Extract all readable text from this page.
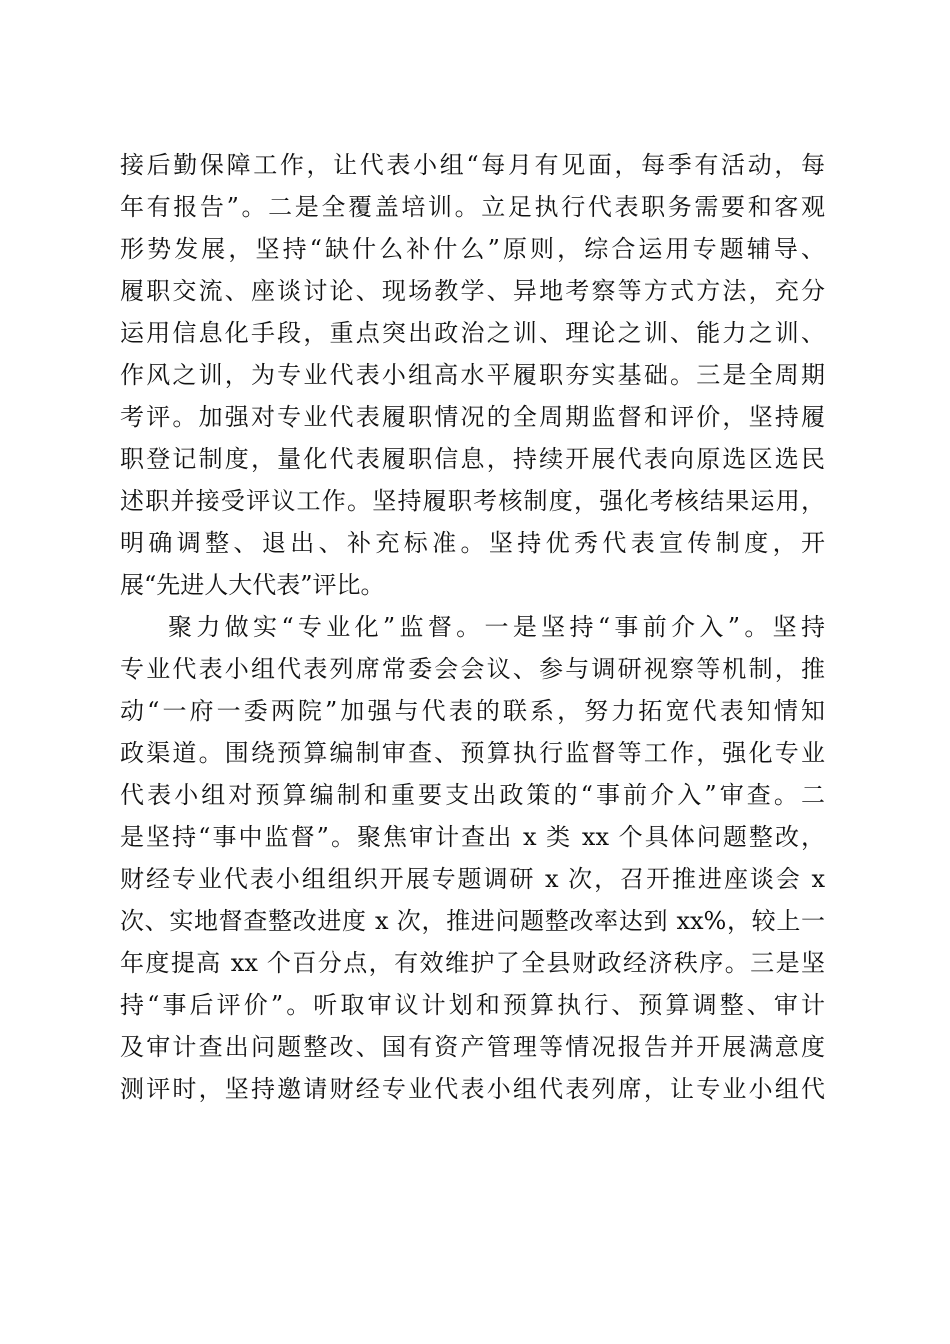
接后勤保障工作，让代表小组“每月有见面，每季有活动，每
年有报告”。二是全覆盖培训。立足执行代表职务需要和客观
形势发展，坚持“缺什么补什么”原则，综合运用专题辅导、
履职交流、座谈讨论、现场教学、异地考察等方式方法，充分
运用信息化手段，重点突出政治之训、理论之训、能力之训、
作风之训，为专业代表小组高水平履职夯实基础。三是全周期
考评。加强对专业代表履职情况的全周期监督和评价，坚持履
职登记制度，量化代表履职信息，持续开展代表向原选区选民
述职并接受评议工作。坚持履职考核制度，强化考核结果运用，
明确调整、退出、补充标准。坚持优秀代表宣传制度，开
展“先进人大代表”评比。
聚力做实“专业化”监督。一是坚持“事前介入”。坚持
专业代表小组代表列席常委会会议、参与调研视察等机制，推
动“一府一委两院”加强与代表的联系，努力拓宽代表知情知
政渠道。围绕预算编制审查、预算执行监督等工作，强化专业
代表小组对预算编制和重要支出政策的“事前介入”审查。二
是坚持“事中监督”。聚焦审计查出 x 类 xx 个具体问题整改，
财经专业代表小组组织开展专题调研 x 次，召开推进座谈会 x
次、实地督查整改进度 x 次，推进问题整改率达到 xx%，较上一
年度提高 xx 个百分点，有效维护了全县财政经济秩序。三是坚
持“事后评价”。听取审议计划和预算执行、预算调整、审计
及审计查出问题整改、国有资产管理等情况报告并开展满意度
测评时，坚持邀请财经专业代表小组代表列席，让专业小组代
